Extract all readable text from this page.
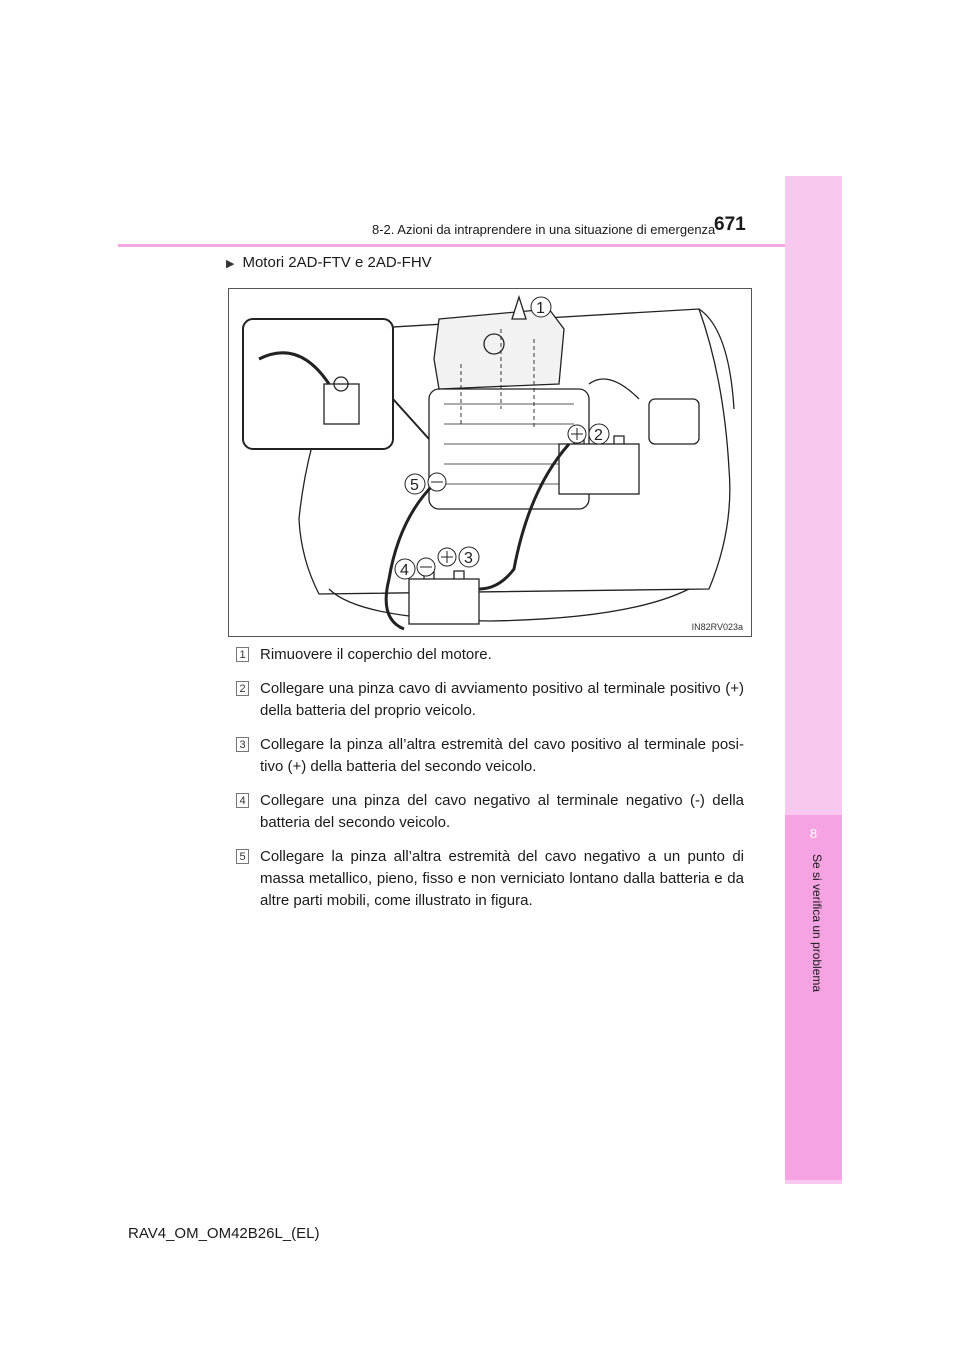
8
Se si verifica un problema
8-2. Azioni da intraprendere in una situazione di emergenza
671
▶ Motori 2AD-FTV e 2AD-FHV
1
2
5
3
4
IN82RV023a
1 Rimuovere il coperchio del motore.
2 Collegare una pinza cavo di avviamento positivo al terminale positivo (+) della batteria del proprio veicolo.
3 Collegare la pinza all’altra estremità del cavo positivo al terminale posi- tivo (+) della batteria del secondo veicolo.
4 Collegare una pinza del cavo negativo al terminale negativo (-) della batteria del secondo veicolo.
5 Collegare la pinza all’altra estremità del cavo negativo a un punto di massa metallico, pieno, fisso e non verniciato lontano dalla batteria e da altre parti mobili, come illustrato in figura.
RAV4_OM_OM42B26L_(EL)
